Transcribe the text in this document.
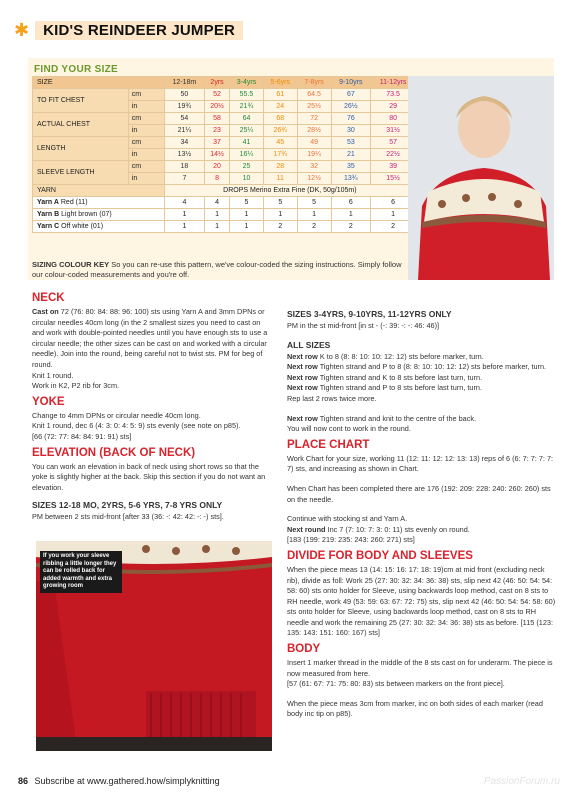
✱ KID'S REINDEER JUMPER
FIND YOUR SIZE
SIZE		12-18m	2yrs	3-4yrs	5-6yrs	7-8yrs	9-10yrs	11-12yrs
TO FIT CHEST	cm	50	52	55.5	61	64.5	67	73.5
	in	19¾	20½	21¾	24	25½	26½	29
ACTUAL CHEST	cm	54	58	64	68	72	76	80
	in	21¼	23	25¼	26¾	28½	30	31½
LENGTH	cm	34	37	41	45	49	53	57
	in	13½	14½	16¼	17¾	19¼	21	22½
SLEEVE LENGTH	cm	18	20	25	28	32	35	39
	in	7	8	10	11	12½	13¾	15½
YARN		DROPS Merino Extra Fine (DK, 50g/105m)						
Yarn A Red (11)		4	4	5	5	5	6	6
Yarn B Light brown (07)		1	1	1	1	1	1	1
Yarn C Off white (01)		1	1	1	2	2	2	2
SIZING COLOUR KEY So you can re-use this pattern, we've colour-coded the sizing instructions. Simply follow our colour-coded measurements and you're off.
NECK

Cast on 72 (76: 80: 84: 88: 96: 100) sts using Yarn A and 3mm DPNs or circular needles 40cm long (in the 2 smallest sizes you need to cast on and work with double-pointed needles until you have enough sts to use a circular needle; the other sizes can be cast on and worked with a circular needle). Join into the round, being careful not to twist sts. PM for beg of round.

Knit 1 round.

Work in K2, P2 rib for 3cm.

YOKE

Change to 4mm DPNs or circular needle 40cm long.

Knit 1 round, dec 6 (4: 3: 0: 4: 5: 9) sts evenly (see note on p85).

[66 (72: 77: 84: 84: 91: 91) sts]

ELEVATION (BACK OF NECK)

You can work an elevation in back of neck using short rows so that the yoke is slightly higher at the back. Skip this section if you do not want an elevation.

SIZES 12-18 MO, 2YRS, 5-6 YRS, 7-8 YRS ONLY

PM between 2 sts mid-front [after 33 (36: -: 42: 42: -: -) sts].

If you work your sleeve ribbing a little longer they can be rolled back for added warmth and extra growing room
SIZES 3-4YRS, 9-10YRS, 11-12YRS ONLY

PM in the st mid-front [in st - (-: 39: -: -: 46: 46)]

ALL SIZES

Next row K to 8 (8: 8: 10: 10: 12: 12) sts before marker, turn.

Next row Tighten strand and P to 8 (8: 8: 10: 10: 12: 12) sts before marker, turn.

Next row Tighten strand and K to 8 sts before last turn, turn.

Next row Tighten strand and P to 8 sts before last turn, turn.

Rep last 2 rows twice more.

Next row Tighten strand and knit to the centre of the back.

You will now cont to work in the round.

PLACE CHART

Work Chart for your size, working 11 (12: 11: 12: 12: 13: 13) reps of 6 (6: 7: 7: 7: 7: 7) sts, and increasing as shown in Chart.

When Chart has been completed there are 176 (192: 209: 228: 240: 260: 260) sts on the needle.

Continue with stocking st and Yarn A.

Next round Inc 7 (7: 10: 7: 3: 0: 11) sts evenly on round.

[183 (199: 219: 235: 243: 260: 271) sts]

DIVIDE FOR BODY AND SLEEVES

When the piece meas 13 (14: 15: 16: 17: 18: 19)cm at mid front (excluding neck rib), divide as foll: Work 25 (27: 30: 32: 34: 36: 38) sts, slip next 42 (46: 50: 54: 54: 58: 60) sts onto holder for Sleeve, using backwards loop method, cast on 8 sts to RH needle, work 49 (53: 59: 63: 67: 72: 75) sts, slip next 42 (46: 50: 54: 54: 58: 60) sts onto holder for Sleeve, using backwards loop method, cast on 8 sts to RH needle and work the remaining 25 (27: 30: 32: 34: 36: 38) sts as before. [115 (123: 135: 143: 151: 160: 167) sts]

BODY

Insert 1 marker thread in the middle of the 8 sts cast on for underarm. The piece is now measured from here.

[57 (61: 67: 71: 75: 80: 83) sts between markers on the front piece].

When the piece meas 3cm from marker, inc on both sides of each marker (read body inc tip on p85).

86 Subscribe at www.gathered.how/simplyknitting	PassionForum.ru
